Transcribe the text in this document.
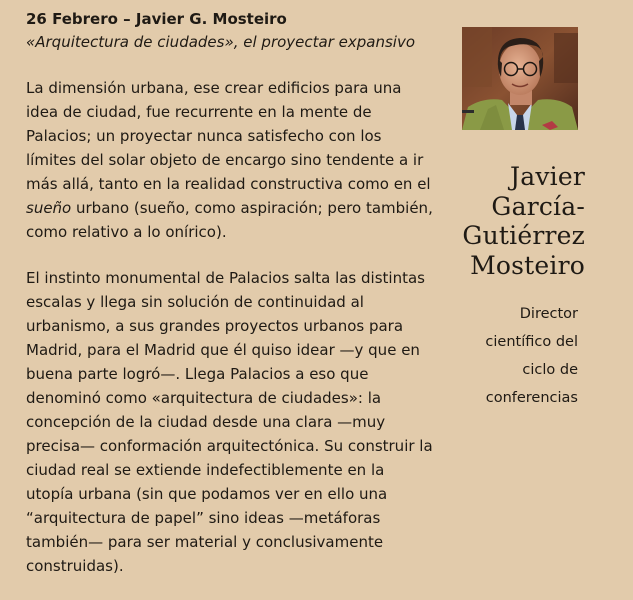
26 Febrero – Javier G. Mosteiro

«Arquitectura de ciudades», el proyectar expansivo

La dimensión urbana, ese crear edificios para una idea de ciudad, fue recurrente en la mente de Palacios; un proyectar nunca satisfecho con los límites del solar objeto de encargo sino tendente a ir más allá, tanto en la realidad constructiva como en el sueño urbano (sueño, como aspiración; pero también, como relativo a lo onírico).

El instinto monumental de Palacios salta las distintas escalas y llega sin solución de continuidad al urbanismo, a sus grandes proyectos urbanos para Madrid, para el Madrid que él quiso idear —y que en buena parte logró—. Llega Palacios a eso que denominó como «arquitectura de ciudades»: la concepción de la ciudad desde una clara —muy precisa— conformación arquitectónica. Su construir la ciudad real se extiende indefectiblemente en la utopía urbana (sin que podamos ver en ello una “arquitectura de papel” sino ideas —metáforas también— para ser material y conclusivamente construidas).

Javier
García-
Gutiérrez
Mosteiro
Director
científico del
ciclo de
conferencias
